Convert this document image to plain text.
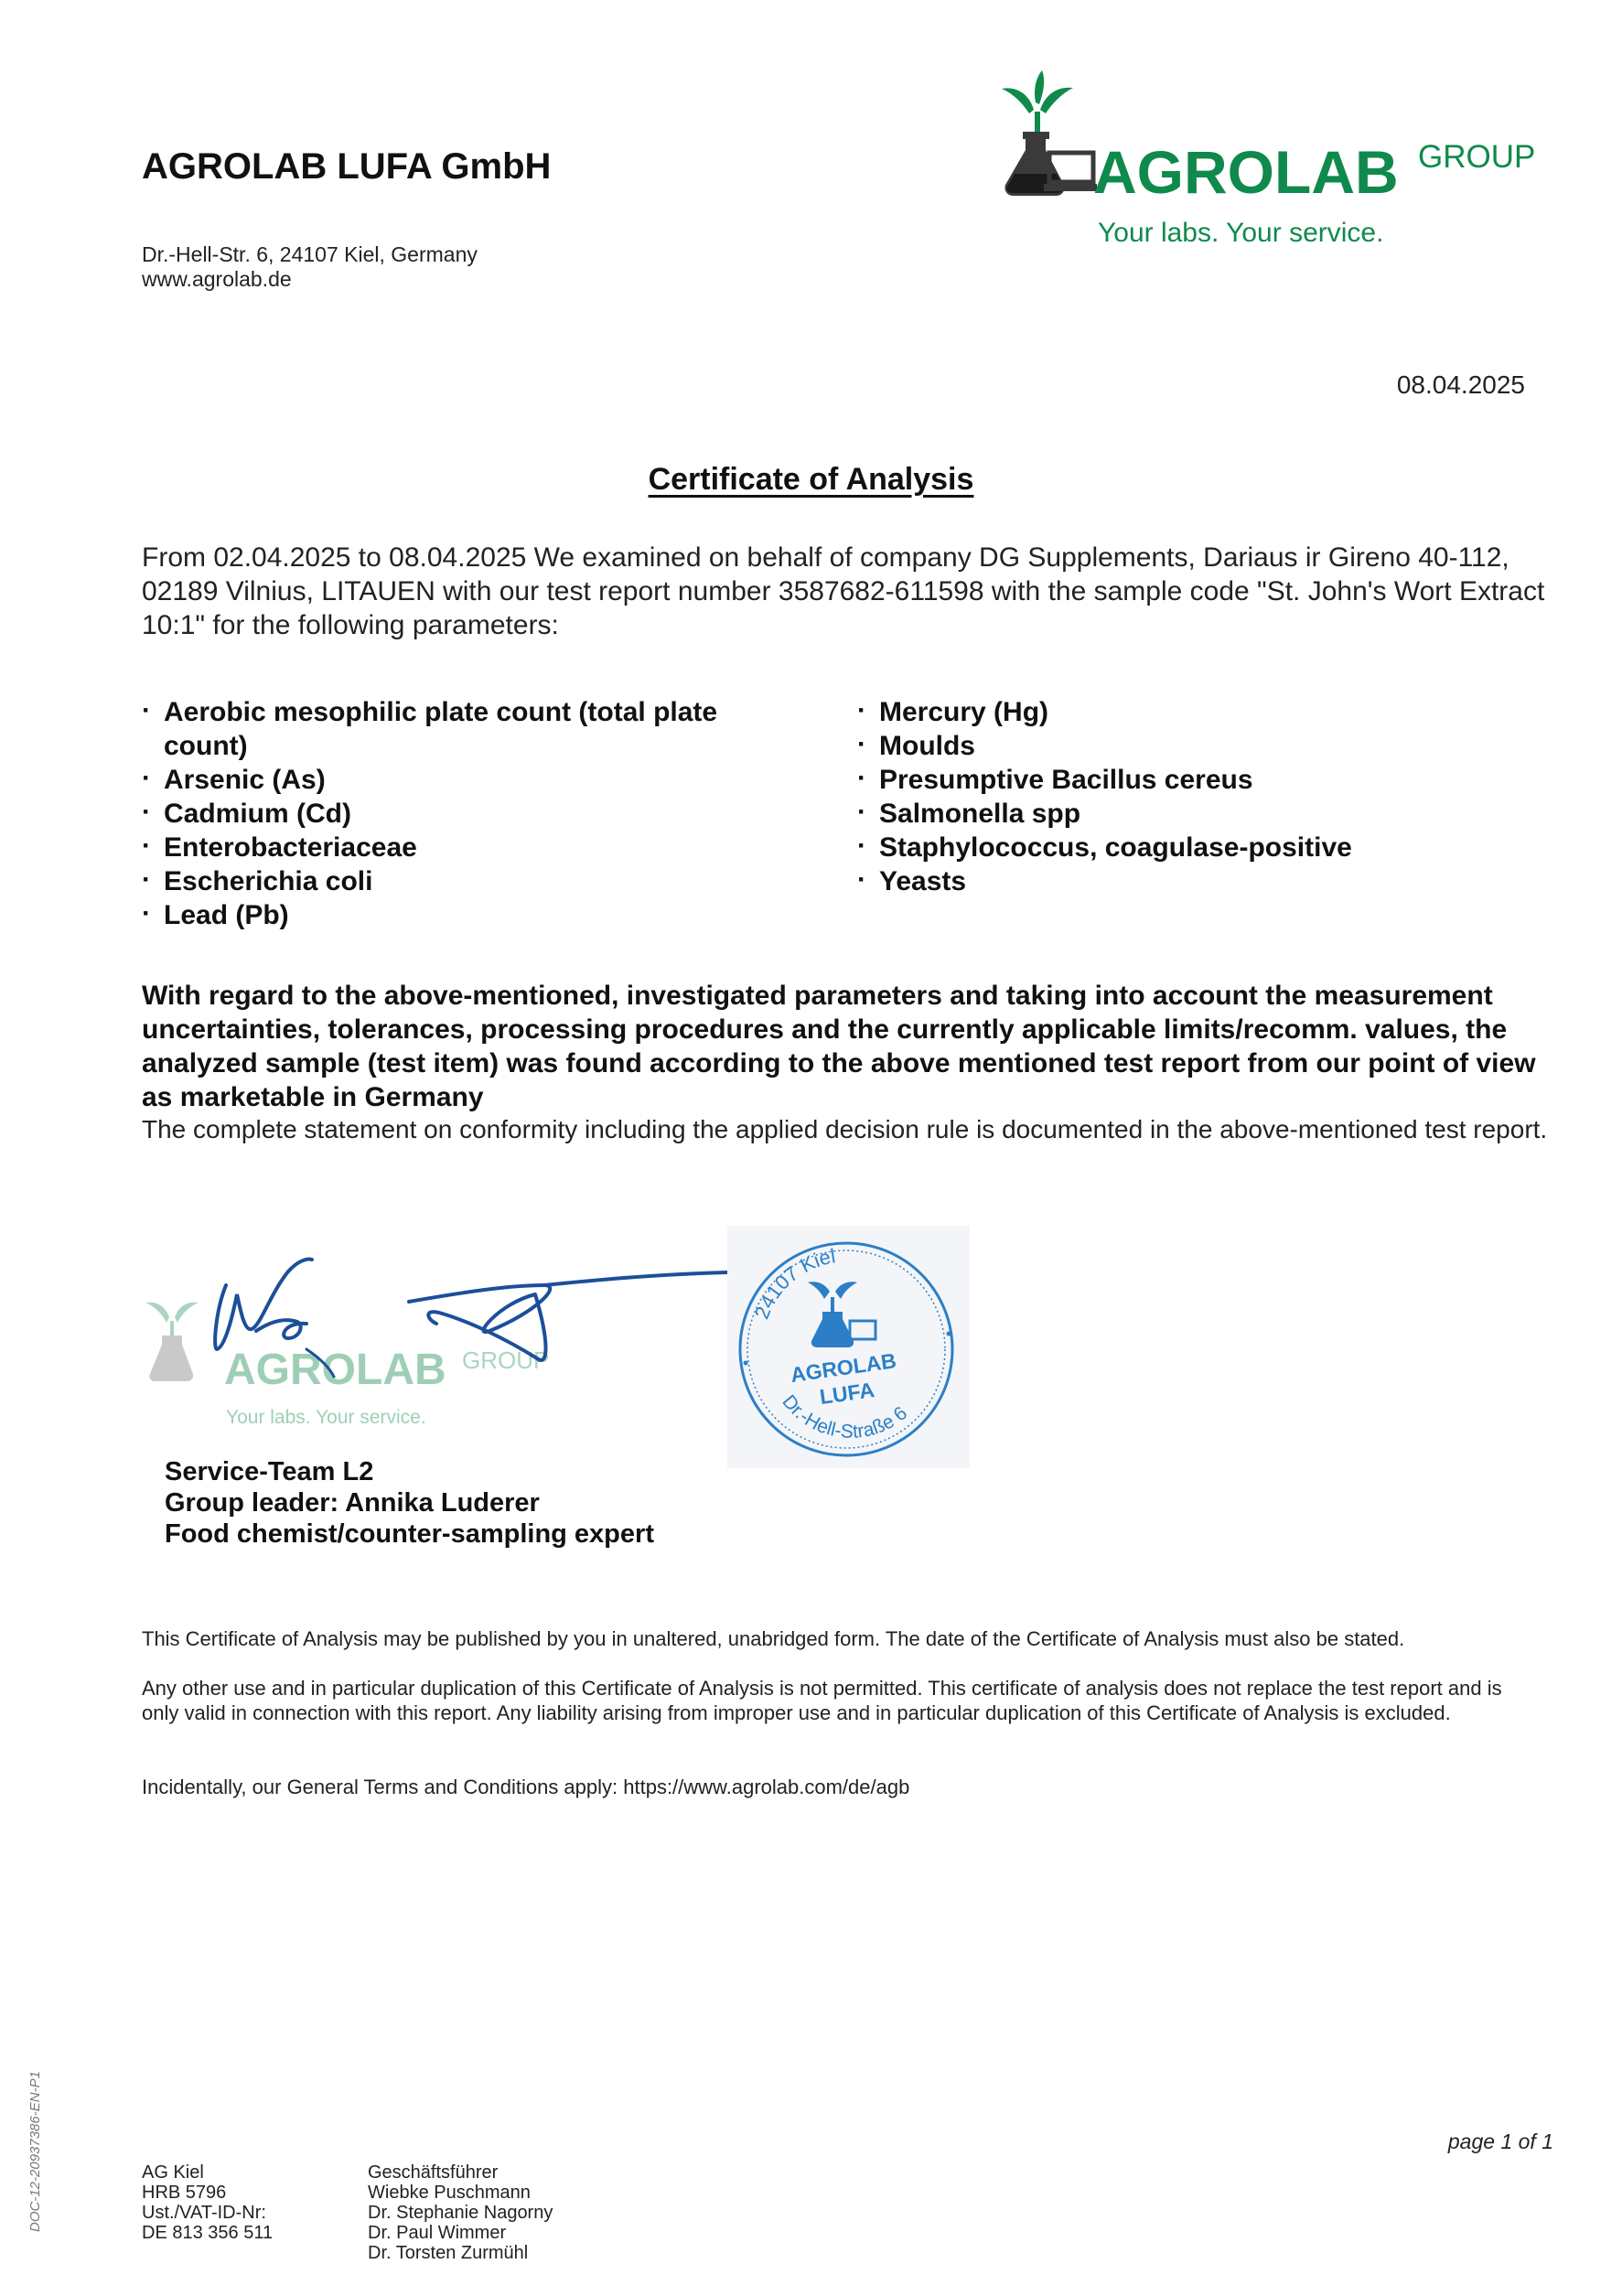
AGROLAB LUFA GmbH
Dr.-Hell-Str. 6, 24107 Kiel, Germany
www.agrolab.de
AGROLAB GROUP
Your labs. Your service.
08.04.2025
Certificate of Analysis
From 02.04.2025 to 08.04.2025 We examined on behalf of company DG Supplements, Dariaus ir Gireno 40-112, 02189 Vilnius, LITAUEN with our test report number 3587682-611598 with the sample code "St. John's Wort Extract 10:1" for the following parameters:
· Aerobic mesophilic plate count (total plate count)
· Arsenic (As)
· Cadmium (Cd)
· Enterobacteriaceae
· Escherichia coli
· Lead (Pb)
· Mercury (Hg)
· Moulds
· Presumptive Bacillus cereus
· Salmonella spp
· Staphylococcus, coagulase-positive
· Yeasts
With regard to the above-mentioned, investigated parameters and taking into account the measurement uncertainties, tolerances, processing procedures and the currently applicable limits/recomm. values, the analyzed sample (test item) was found according to the above mentioned test report from our point of view as marketable in Germany
The complete statement on conformity including the applied decision rule is documented in the above-mentioned test report.
AGROLAB GROUP
Your labs. Your service.
24107 Kiel
Dr.-Hell-Straße 6
AGROLAB
LUFA
Service-Team L2
Group leader: Annika Luderer
Food chemist/counter-sampling expert
This Certificate of Analysis may be published by you in unaltered, unabridged form. The date of the Certificate of Analysis must also be stated.
Any other use and in particular duplication of this Certificate of Analysis is not permitted. This certificate of analysis does not replace the test report and is only valid in connection with this report. Any liability arising from improper use and in particular duplication of this Certificate of Analysis is excluded.
Incidentally, our General Terms and Conditions apply: https://www.agrolab.com/de/agb
page 1 of 1
DOC-12-20937386-EN-P1	AG Kiel
HRB 5796
Ust./VAT-ID-Nr:
DE 813 356 511
Geschäftsführer
Wiebke Puschmann
Dr. Stephanie Nagorny
Dr. Paul Wimmer
Dr. Torsten Zurmühl
